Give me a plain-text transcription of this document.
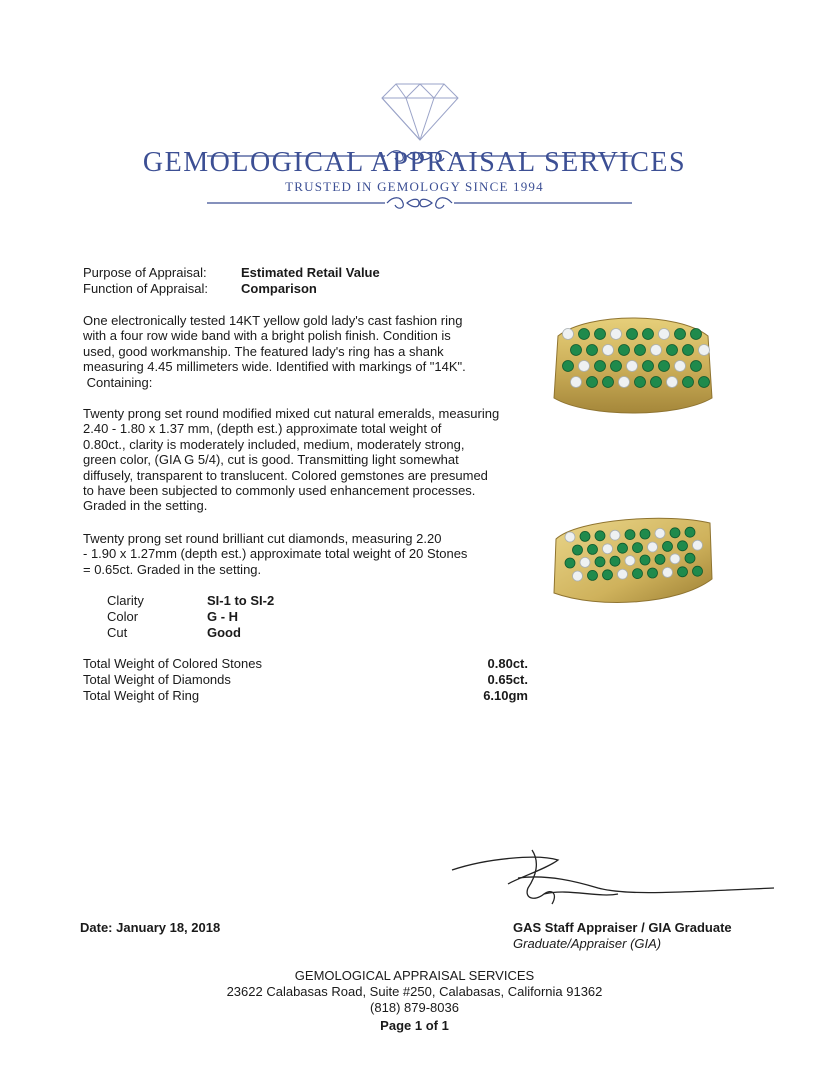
GEMOLOGICAL APPRAISAL SERVICES
TRUSTED IN GEMOLOGY SINCE 1994
Purpose of Appraisal:	Estimated Retail Value
Function of Appraisal:	Comparison
One electronically tested 14KT yellow gold lady's cast fashion ring
with a four row wide band with a bright polish finish. Condition is
used, good workmanship. The featured lady's ring has a shank
measuring 4.45 millimeters wide. Identified with markings of "14K".
Containing:
Twenty prong set round modified mixed cut natural emeralds, measuring
2.40 - 1.80 x 1.37 mm, (depth est.) approximate total weight of
0.80ct., clarity is moderately included, medium, moderately strong,
green color, (GIA G 5/4), cut is good. Transmitting light somewhat
diffusely, transparent to translucent. Colored gemstones are presumed
to have been subjected to commonly used enhancement processes.
Graded in the setting.
Twenty prong set round brilliant cut diamonds, measuring 2.20
- 1.90 x 1.27mm (depth est.) approximate total weight of 20 Stones
= 0.65ct. Graded in the setting.
Clarity	SI-1 to SI-2
Color	G - H
Cut	Good
Total Weight of Colored Stones	0.80ct.
Total Weight of Diamonds	0.65ct.
Total Weight of Ring	6.10gm
Date: January 18, 2018	GAS Staff Appraiser / GIA Graduate
Graduate/Appraiser (GIA)
GEMOLOGICAL APPRAISAL SERVICES
23622 Calabasas Road, Suite #250, Calabasas, California 91362
(818) 879-8036
Page 1 of 1
